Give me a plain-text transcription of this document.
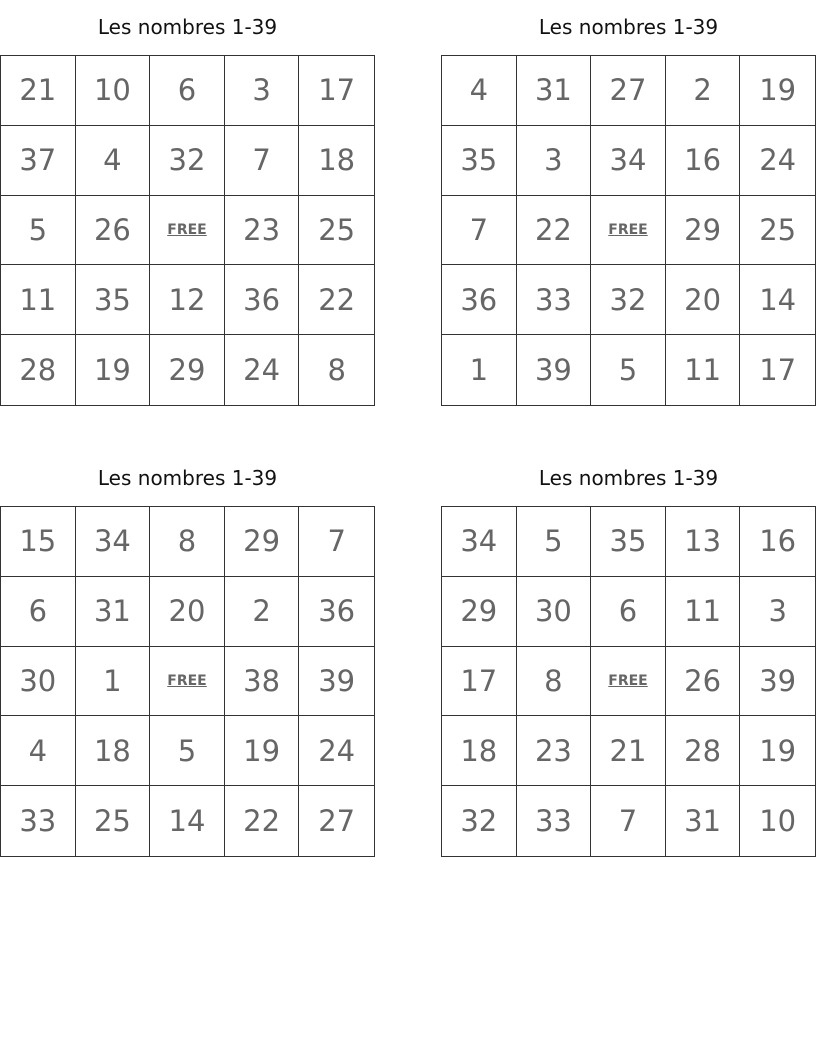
Les nombres 1-39
21	10	6	3	17
37	4	32	7	18
5	26	FREE	23	25
11	35	12	36	22
28	19	29	24	8
Les nombres 1-39
4	31	27	2	19
35	3	34	16	24
7	22	FREE	29	25
36	33	32	20	14
1	39	5	11	17
Les nombres 1-39
15	34	8	29	7
6	31	20	2	36
30	1	FREE	38	39
4	18	5	19	24
33	25	14	22	27
Les nombres 1-39
34	5	35	13	16
29	30	6	11	3
17	8	FREE	26	39
18	23	21	28	19
32	33	7	31	10
